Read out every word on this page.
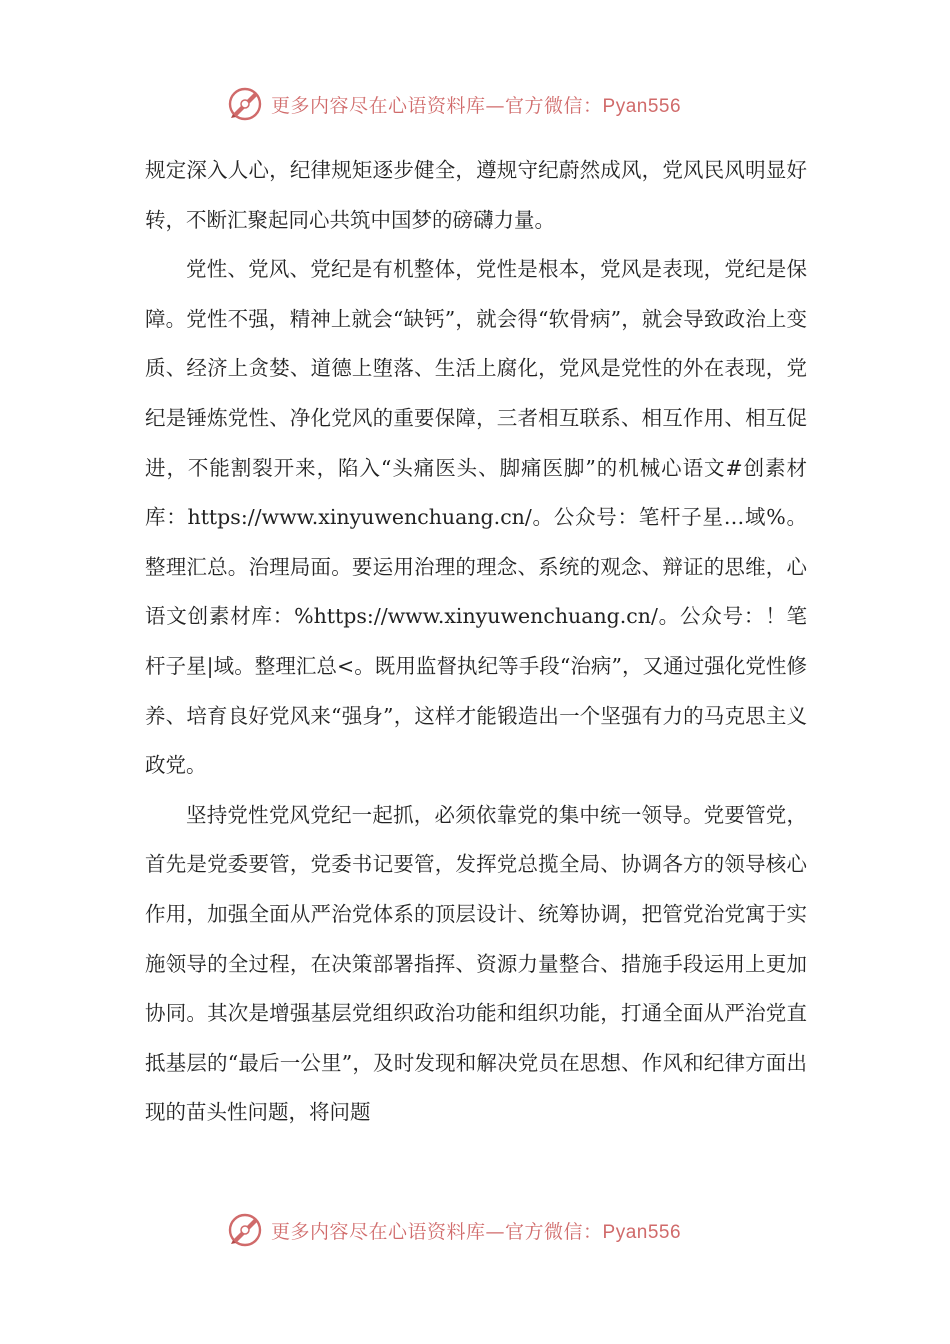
更多内容尽在心语资料库—官方微信：Pyan556

规定深入人心，纪律规矩逐步健全，遵规守纪蔚然成风，党风民风明显好转，不断汇聚起同心共筑中国梦的磅礴力量。

党性、党风、党纪是有机整体，党性是根本，党风是表现，党纪是保障。党性不强，精神上就会“缺钙”，就会得“软骨病”，就会导致政治上变质、经济上贪婪、道德上堕落、生活上腐化，党风是党性的外在表现，党纪是锤炼党性、净化党风的重要保障，三者相互联系、相互作用、相互促进，不能割裂开来，陷入“头痛医头、脚痛医脚”的机械心语文#创素材库：https://www.xinyuwenchuang.cn/。公众号：笔杆子星…域%。整理汇总。治理局面。要运用治理的理念、系统的观念、辩证的思维，心语文创素材库：%https://www.xinyuwenchuang.cn/。公众号：！笔杆子星|域。整理汇总<。既用监督执纪等手段“治病”，又通过强化党性修养、培育良好党风来“强身”，这样才能锻造出一个坚强有力的马克思主义政党。

坚持党性党风党纪一起抓，必须依靠党的集中统一领导。党要管党，首先是党委要管，党委书记要管，发挥党总揽全局、协调各方的领导核心作用，加强全面从严治党体系的顶层设计、统筹协调，把管党治党寓于实施领导的全过程，在决策部署指挥、资源力量整合、措施手段运用上更加协同。其次是增强基层党组织政治功能和组织功能，打通全面从严治党直抵基层的“最后一公里”，及时发现和解决党员在思想、作风和纪律方面出现的苗头性问题，将问题

更多内容尽在心语资料库—官方微信：Pyan556
